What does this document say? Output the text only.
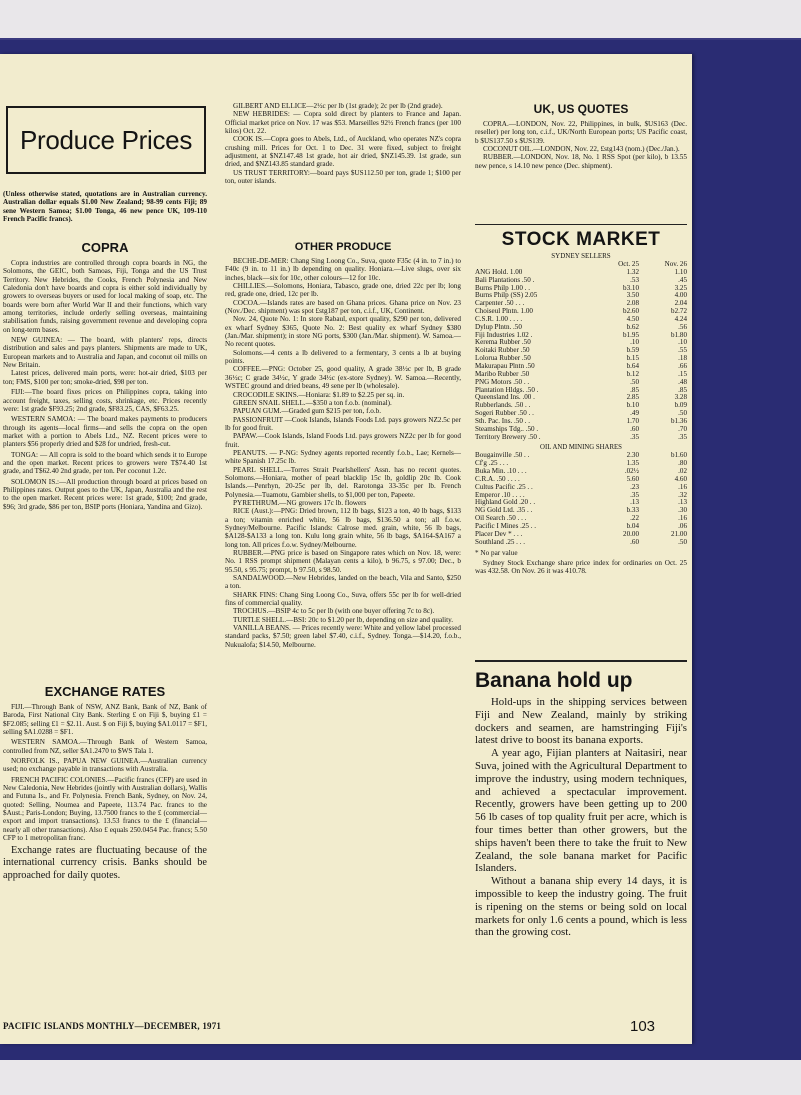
Produce Prices

(Unless otherwise stated, quotations are in Australian currency. Australian dollar equals $1.00 New Zealand; 98-99 cents Fiji; 89 sene Western Samoa; $1.00 Tonga, 46 new pence UK, 109-110 French Pacific francs).

COPRA

Copra industries are controlled through copra boards in NG, the Solomons, the GEIC, both Samoas, Fiji, Tonga and the US Trust Territory. New Hebrides, the Cooks, French Polynesia and New Caledonia don't have boards and copra is either sold individually by growers to overseas buyers or used for local making of soap, etc. The boards were born after World War II and their functions, which vary among territories, include orderly selling overseas, maintaining stabilisation funds, raising government revenue and developing copra on long-term bases.

NEW GUINEA: — The board, with planters' reps, directs distribution and sales and pays planters. Shipments are made to UK, European markets and to Australia and Japan, and coconut oil mills on New Britain.

Latest prices, delivered main ports, were: hot-air dried, $103 per ton; FMS, $100 per ton; smoke-dried, $98 per ton.

FIJI:—The board fixes prices on Philippines copra, taking into account freight, taxes, selling costs, shrinkage, etc. Prices recently were: 1st grade $F93.25; 2nd grade, $F83.25, CAS, $F63.25.

WESTERN SAMOA: — The board makes payments to producers through its agents—local firms—and sells the copra on the open market with a portion to Abels Ltd., NZ. Recent prices were to planters $56 properly dried and $28 for undried, fresh-cut.

TONGA: — All copra is sold to the board which sends it to Europe and the open market. Recent prices to growers were T$74.40 1st grade, and T$62.40 2nd grade, per ton. Per coconut 1.2c.

SOLOMON IS.:—All production through board at prices based on Philippines rates. Output goes to the UK, Japan, Australia and the rest to the open market. Recent prices were: 1st grade, $100; 2nd grade, $96; 3rd grade, $86 per ton, BSIP ports (Honiara, Yandina and Gizo).

EXCHANGE RATES

FIJI.—Through Bank of NSW, ANZ Bank, Bank of NZ, Bank of Baroda, First National City Bank. Sterling £ on Fiji $, buying £1 = $F2.085; selling £1 = $2.11. Aust. $ on Fiji $, buying $A1.0117 = $F1, selling $A1.0288 = $F1.

WESTERN SAMOA.—Through Bank of Western Samoa, controlled from NZ, seller $A1.2470 to $WS Tala 1.

NORFOLK IS., PAPUA NEW GUINEA.—Australian currency used; no exchange payable in transactions with Australia.

FRENCH PACIFIC COLONIES.—Pacific francs (CFP) are used in New Caledonia, New Hebrides (jointly with Australian dollars), Wallis and Futuna Is., and Fr. Polynesia. French Bank, Sydney, on Nov. 24, quoted: Selling, Noumea and Papeete, 113.74 Pac. francs to the $Aust.; Paris-London; Buying, 13.7500 francs to the £ (commercial—export and import transactions). 13.53 francs to the £ (financial—nearly all other transactions). Also £ equals 250.0454 Pac. francs; 5.50 CFP to 1 metropolitan franc.

Exchange rates are fluctuating because of the international currency crisis. Banks should be approached for daily quotes.

GILBERT AND ELLICE—2½c per lb (1st grade); 2c per lb (2nd grade).

NEW HEBRIDES: — Copra sold direct by planters to France and Japan. Official market price on Nov. 17 was $53. Marseilles 92½ French francs (per 100 kilos) Oct. 22.

COOK IS.—Copra goes to Abels, Ltd., of Auckland, who operates NZ's copra crushing mill. Prices for Oct. 1 to Dec. 31 were fixed, subject to freight adjustment, at $NZ147.48 1st grade, hot air dried, $NZ145.39. 1st grade, sun dried, and $NZ143.85 standard grade.

US TRUST TERRITORY:—board pays $US112.50 per ton, grade 1; $100 per ton, outer islands.

OTHER PRODUCE

BECHE-DE-MER: Chang Sing Loong Co., Suva, quote F35c (4 in. to 7 in.) to F40c (9 in. to 11 in.) lb depending on quality. Honiara.—Live slugs, over six inches, black—six for 10c, other colours—12 for 10c.

CHILLIES.—Solomons, Honiara, Tabasco, grade one, dried 22c per lb; long red, grade one, dried, 12c per lb.

COCOA.—Islands rates are based on Ghana prices. Ghana price on Nov. 23 (Nov./Dec. shipment) was spot £stg187 per ton, c.i.f., UK, Continent.

Nov. 24, Quote No. 1: In store Rabaul, export quality, $290 per ton, delivered ex wharf Sydney $365, Quote No. 2: Best quality ex wharf Sydney $380 (Jan./Mar. shipment); in store NG ports, $300 (Jan./Mar. shipment). W. Samoa.—No recent quotes.

Solomons.—4 cents a lb delivered to a fermentary, 3 cents a lb at buying points.

COFFEE.—PNG: October 25, good quality, A grade 38½c per lb, B grade 36½c; C grade 34½c, Y grade 34½c (ex-store Sydney). W. Samoa.—Recently, WSTEC ground and dried beans, 49 sene per lb (wholesale).

CROCODILE SKINS.—Honiara: $1.89 to $2.25 per sq. in.

GREEN SNAIL SHELL.—$350 a ton f.o.b. (nominal).

PAPUAN GUM.—Graded gum $215 per ton, f.o.b.

PASSIONFRUIT —Cook Islands, Islands Foods Ltd. pays growers NZ2.5c per lb for good fruit.

PAPAW.—Cook Islands, Island Foods Ltd. pays growers NZ2c per lb for good fruit.

PEANUTS. — P-NG: Sydney agents reported recently f.o.b., Lae; Kernels—white Spanish 17.25c lb.

PEARL SHELL.—Torres Strait Pearlshellers' Assn. has no recent quotes. Solomons.—Honiara, mother of pearl blacklip 15c lb, goldlip 20c lb. Cook Islands.—Penrhyn, 20-25c per lb, del. Rarotonga 33-35c per lb. French Polynesia.—Tuamotu, Gambier shells, to $1,000 per ton, Papeete.

PYRETHRUM.—NG growers 17c lb. flowers

RICE (Aust.):—PNG: Dried brown, 112 lb bags, $123 a ton, 40 lb bags, $133 a ton; vitamin enriched white, 56 lb bags, $136.50 a ton; all f.o.w. Sydney/Melbourne. Pacific Islands: Calrose med. grain, white, 56 lb bags, $A128-$A133 a long ton. Kulu long grain white, 56 lb bags, $A164-$A167 a long ton. All prices f.o.w. Sydney/Melbourne.

RUBBER.—PNG price is based on Singapore rates which on Nov. 18, were: No. 1 RSS prompt shipment (Malayan cents a kilo), b 96.75, s 97.00; Dec., b 95.50, s 95.75; prompt, b 97.50, s 98.50.

SANDALWOOD.—New Hebrides, landed on the beach, Vila and Santo, $250 a ton.

SHARK FINS: Chang Sing Loong Co., Suva, offers 55c per lb for well-dried fins of commercial quality.

TROCHUS.—BSIP 4c to 5c per lb (with one buyer offering 7c to 8c).

TURTLE SHELL.—BSI: 20c to $1.20 per lb, depending on size and quality.

VANILLA BEANS. — Prices recently were: White and yellow label processed standard packs, $7.50; green label $7.40, c.i.f., Sydney. Tonga.—$14.20, f.o.b., Nukualofa; $14.50, Melbourne.

UK, US QUOTES

COPRA.—LONDON, Nov. 22, Philippines, in bulk, $US163 (Dec. reseller) per long ton, c.i.f., UK/North European ports; US Pacific coast, b $US137.50 s $US139.

COCONUT OIL.—LONDON, Nov. 22, £stg143 (nom.) (Dec./Jan.).

RUBBER.—LONDON, Nov. 18, No. 1 RSS Spot (per kilo), b 13.55 new pence, s 14.10 new pence (Dec. shipment).

STOCK MARKET
SYDNEY SELLERS
	Oct. 25	Nov. 26
ANG Hold. 1.00	1.32	1.10
Bali Plantations .50 .	.53	.45
Burns Philp 1.00 . .	b3.10	3.25
Burns Philp (SS) 2.05	3.50	4.00
Carpenter .50 . . .	2.08	2.04
Choiseul Plntn. 1.00	b2.60	b2.72
C.S.R. 1.00 . . . .	4.50	4.24
Dylup Plntn. .50	b.62	.56
Fiji Industries 1.02 .	b1.95	b1.80
Kerema Rubber .50	.10	.10
Koitaki Rubber .50	b.59	.55
Lolorua Rubber .50	b.15	.18
Makurapau Plntn .50	b.64	.66
Maribo Rubber .50	b.12	.15
PNG Motors .50 . .	.50	.48
Plantation Hldgs. .50 .	.85	.85
Queensland Ins. .00 .	2.85	3.28
Rubberlands. .50 . .	b.10	b.09
Sogeri Rubber .50 . .	.49	.50
Sth. Pac. Ins. .50 . .	1.70	b1.36
Steamships Tdg.. .50 .	.60	.70
Territory Brewery .50 .	.35	.35
OIL AND MINING SHARES
Bougainville .50 . .	2.30	b1.60
Cf'g .25 . . .	1.35	.80
Buka Min. .10 . . .	.02½	.02
C.R.A. .50 . . . .	5.60	4.60
Cultus Pacific .25 . .	.23	.16
Emperor .10 . . . .	.35	.32
Highland Gold .20 . .	.13	.13
NG Gold Ltd. .35 . .	b.33	.30
Oil Search .50 . . .	.22	.16
Pacific I Mines .25 . .	b.04	.06
Placer Dev * . . .	20.00	21.00
Southland .25 . . .	.60	.50

* No par value

Sydney Stock Exchange share price index for ordinaries on Oct. 25 was 432.58. On Nov. 26 it was 410.78.

Banana hold up

Hold-ups in the shipping services between Fiji and New Zealand, mainly by striking dockers and seamen, are hamstringing Fiji's latest drive to boost its banana exports.

A year ago, Fijian planters at Naitasiri, near Suva, joined with the Agricultural Department to improve the industry, using modern techniques, and achieved a spectacular improvement. Recently, growers have been getting up to 200 56 lb cases of top quality fruit per acre, which is four times better than other growers, but the ships haven't been there to take the fruit to New Zealand, the sole banana market for Pacific Islanders.

Without a banana ship every 14 days, it is impossible to keep the industry going. The fruit is ripening on the stems or being sold on local markets for only 1.6 cents a pound, which is less than the growing cost.

PACIFIC ISLANDS MONTHLY—DECEMBER, 1971	103
